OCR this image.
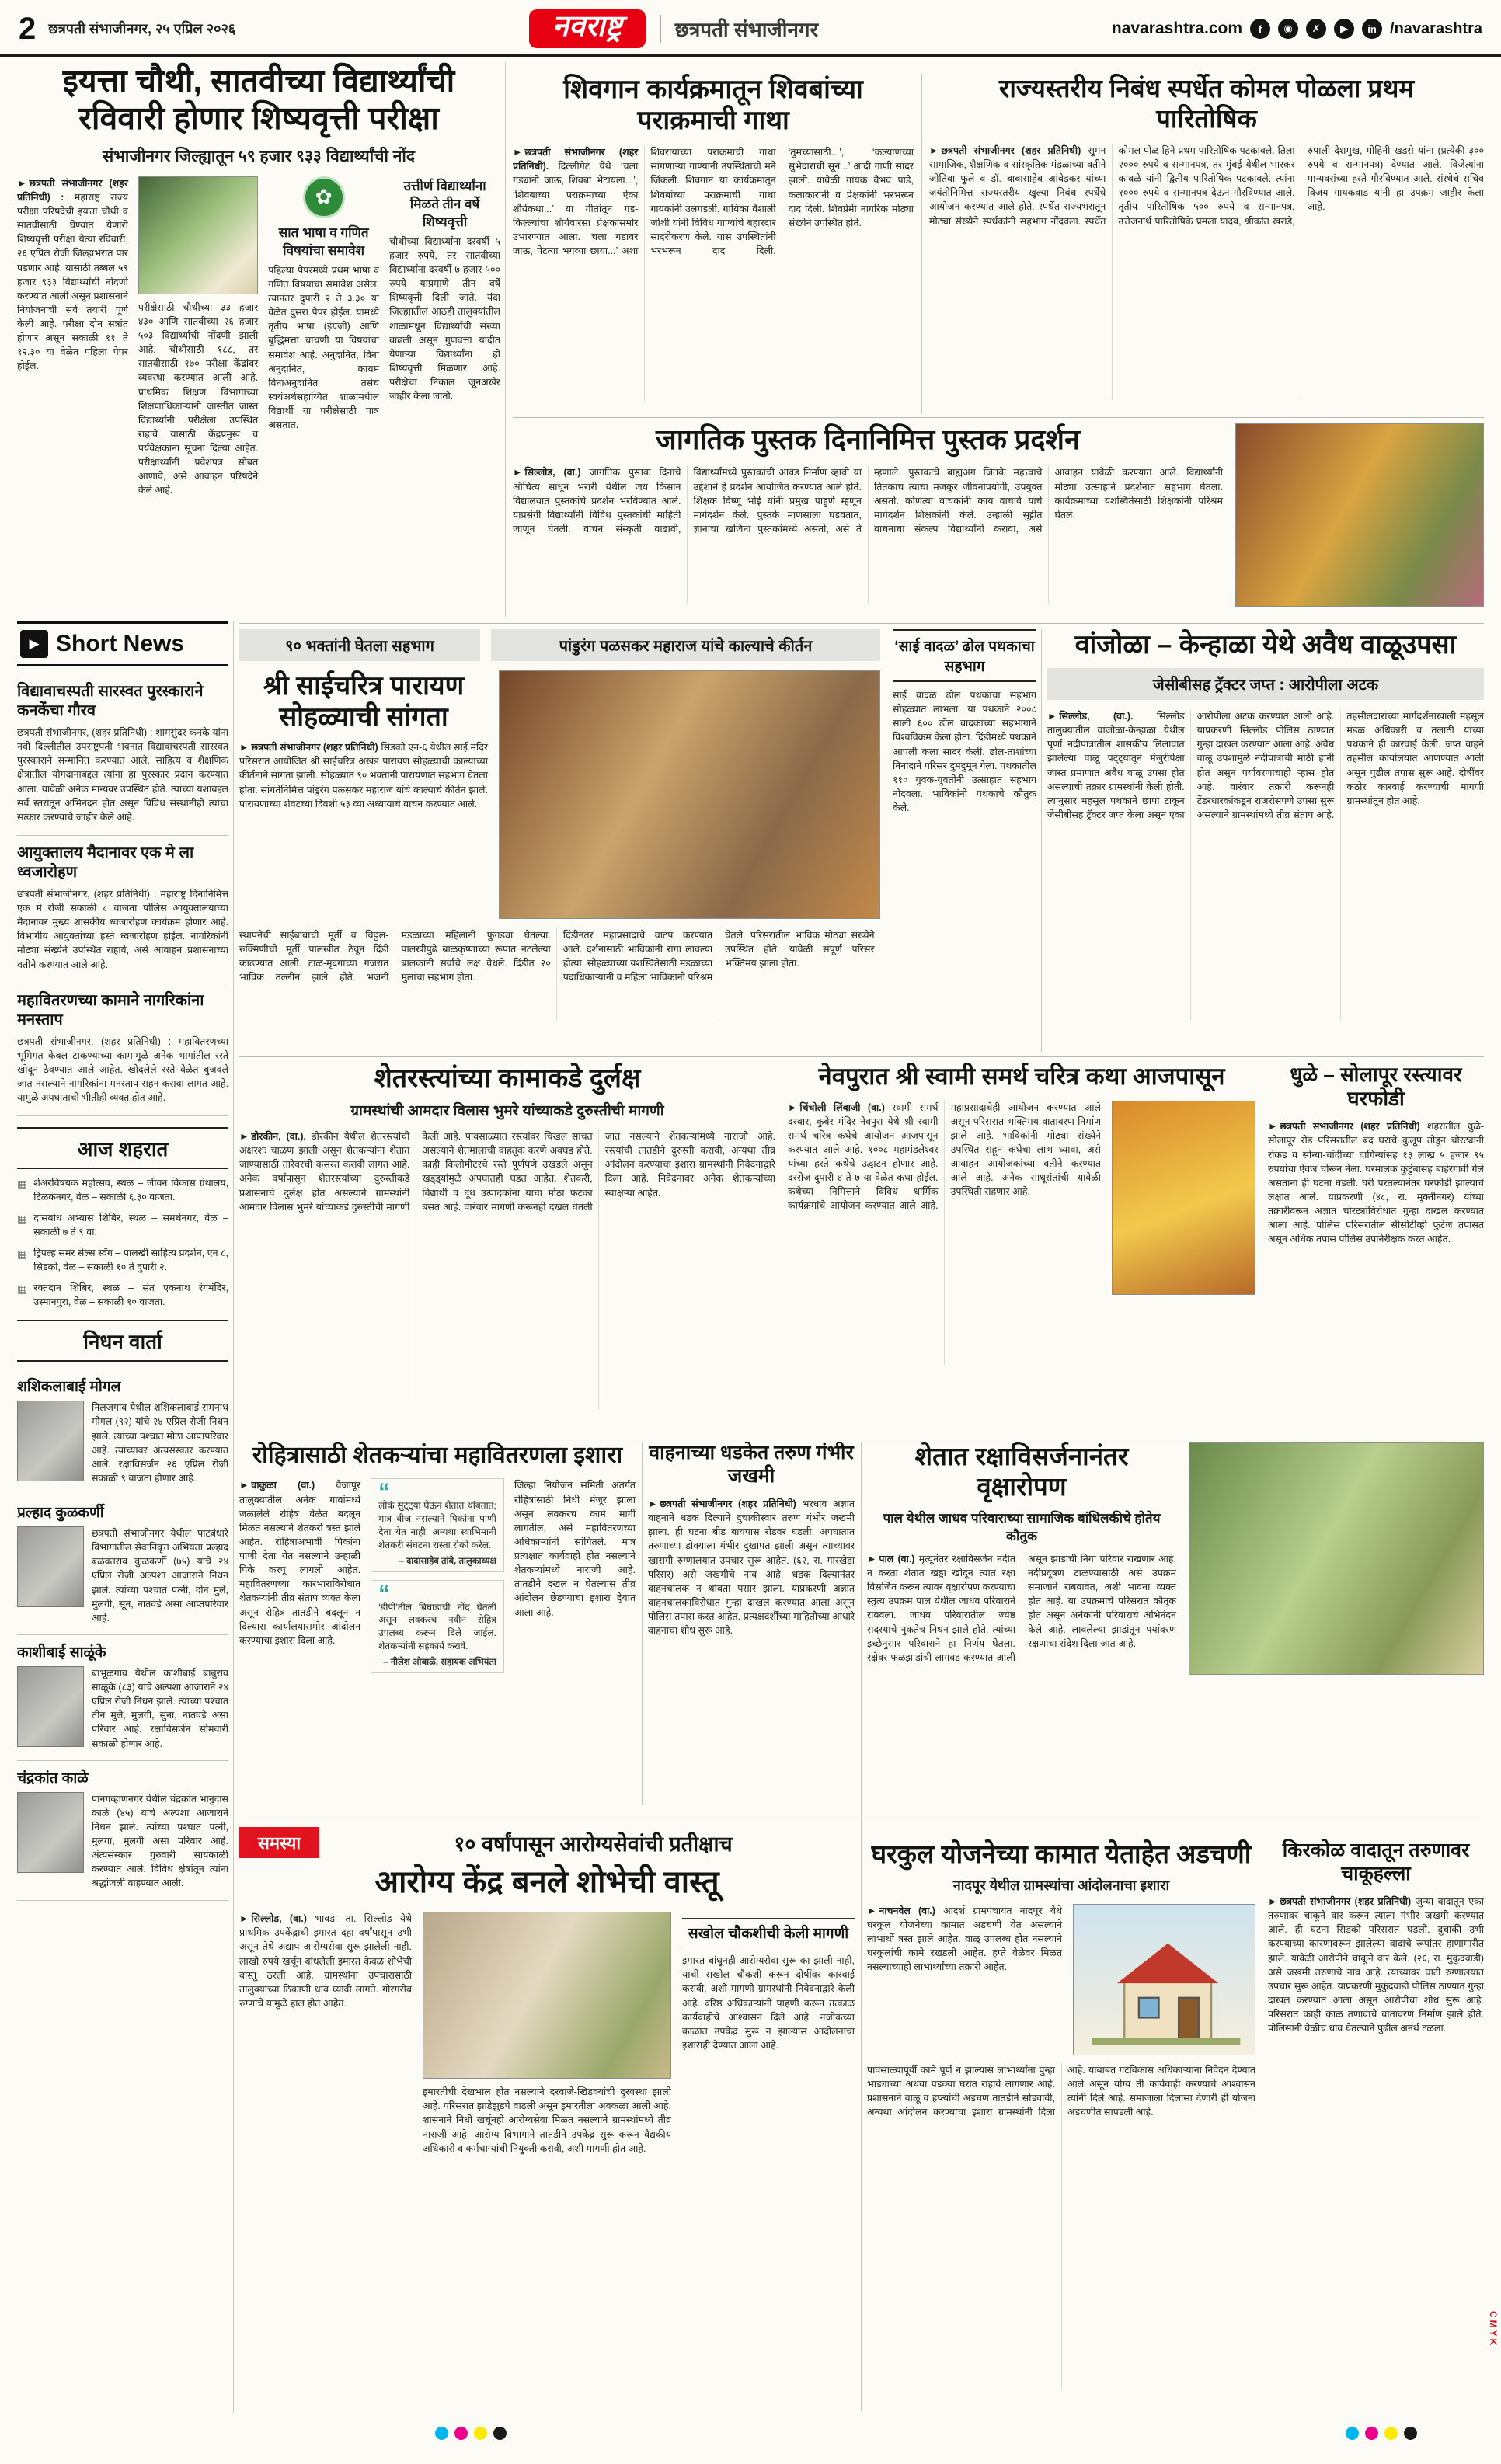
2 छत्रपती संभाजीनगर, २५ एप्रिल २०२६	नवराष्ट्र	छत्रपती संभाजीनगर	navarashtra.com	f	◉	✗	▶	in /navarashtra
इयत्ता चौथी, सातवीच्या विद्यार्थ्यांची रविवारी होणार शिष्यवृत्ती परीक्षा
संभाजीनगर जिल्ह्यातून ५९ हजार ९३३ विद्यार्थ्यांची नोंद
► छत्रपती संभाजीनगर (शहर प्रतिनिधी) : महाराष्ट्र राज्य परीक्षा परिषदेची इयत्ता चौथी व सातवीसाठी घेण्यात येणारी शिष्यवृत्ती परीक्षा येत्या रविवारी, २६ एप्रिल रोजी जिल्हाभरात पार पडणार आहे. यासाठी तब्बल ५९ हजार ९३३ विद्यार्थ्यांची नोंदणी करण्यात आली असून प्रशासनाने नियोजनाची सर्व तयारी पूर्ण केली आहे. परीक्षा दोन सत्रांत होणार असून सकाळी ११ ते १२.३० या वेळेत पहिला पेपर होईल.

परीक्षेसाठी चौथीच्या ३३ हजार ४३० आणि सातवीच्या २६ हजार ५०३ विद्यार्थ्यांची नोंदणी झाली आहे. चौथीसाठी १८८, तर सातवीसाठी १७० परीक्षा केंद्रांवर व्यवस्था करण्यात आली आहे. प्राथमिक शिक्षण विभागाच्या शिक्षणाधिकाऱ्यांनी जास्तीत जास्त विद्यार्थ्यांनी परीक्षेला उपस्थित राहावे यासाठी केंद्रप्रमुख व पर्यवेक्षकांना सूचना दिल्या आहेत. परीक्षार्थ्यांनी प्रवेशपत्र सोबत आणावे, असे आवाहन परिषदेने केले आहे.

✿
सात भाषा व गणित विषयांचा समावेश

पहिल्या पेपरमध्ये प्रथम भाषा व गणित विषयांचा समावेश असेल. त्यानंतर दुपारी २ ते ३.३० या वेळेत दुसरा पेपर होईल. यामध्ये तृतीय भाषा (इंग्रजी) आणि बुद्धिमत्ता चाचणी या विषयांचा समावेश आहे. अनुदानित, विना अनुदानित, कायम विनाअनुदानित तसेच स्वयंअर्थसहाय्यित शाळांमधील विद्यार्थी या परीक्षेसाठी पात्र असतात.

उत्तीर्ण विद्यार्थ्यांना मिळते तीन वर्षे शिष्यवृत्ती

चौथीच्या विद्यार्थ्यांना दरवर्षी ५ हजार रुपये, तर सातवीच्या विद्यार्थ्यांना दरवर्षी ७ हजार ५०० रुपये याप्रमाणे तीन वर्षे शिष्यवृत्ती दिली जाते. यंदा जिल्ह्यातील आठही तालुक्यांतील शाळांमधून विद्यार्थ्यांची संख्या वाढली असून गुणवत्ता यादीत येणाऱ्या विद्यार्थ्यांना ही शिष्यवृत्ती मिळणार आहे. परीक्षेचा निकाल जूनअखेर जाहीर केला जातो.

शिवगान कार्यक्रमातून शिवबांच्या पराक्रमाची गाथा
► छत्रपती संभाजीनगर (शहर प्रतिनिधी). दिल्लीगेट येथे ‘चला गड्यांनो जाऊ, शिवबा भेटायला...’, ‘शिवबाच्या पराक्रमाच्या ऐका शौर्यकथा...’ या गीतांतून गड-किल्ल्यांचा शौर्यवारसा प्रेक्षकांसमोर उभारण्यात आला. ‘चला गडावर जाऊ, पेटत्या भगव्या छाया...’ अशा शिवरायांच्या पराक्रमाची गाथा सांगणाऱ्या गाण्यांनी उपस्थितांची मने जिंकली. शिवगान या कार्यक्रमातून शिवबांच्या पराक्रमाची गाथा गायकांनी उलगडली. गायिका वैशाली जोशी यांनी विविध गाण्यांचे बहारदार सादरीकरण केले. यास उपस्थितांनी भरभरून दाद दिली. ‘तुमच्यासाठी...’, ‘कल्याणच्या सुभेदाराची सून...’ आदी गाणी सादर झाली. यावेळी गायक वैभव पांडे, कलाकारांनी व प्रेक्षकांनी भरभरून दाद दिली. शिवप्रेमी नागरिक मोठ्या संख्येने उपस्थित होते.
राज्यस्तरीय निबंध स्पर्धेत कोमल पोळला प्रथम पारितोषिक
► छत्रपती संभाजीनगर (शहर प्रतिनिधी) सुमन सामाजिक, शैक्षणिक व सांस्कृतिक मंडळाच्या वतीने जोतिबा फुले व डॉ. बाबासाहेब आंबेडकर यांच्या जयंतीनिमित्त राज्यस्तरीय खुल्या निबंध स्पर्धेचे आयोजन करण्यात आले होते. स्पर्धेत राज्यभरातून मोठ्या संख्येने स्पर्धकांनी सहभाग नोंदवला. स्पर्धेत कोमल पोळ हिने प्रथम पारितोषिक पटकावले. तिला २००० रुपये व सन्मानपत्र, तर मुंबई येथील भास्कर कांबळे यांनी द्वितीय पारितोषिक पटकावले. त्यांना १००० रुपये व सन्मानपत्र देऊन गौरविण्यात आले. तृतीय पारितोषिक ५०० रुपये व सन्मानपत्र, उत्तेजनार्थ पारितोषिके प्रमला यादव, श्रीकांत खराडे, रुपाली देशमुख, मोहिनी खडसे यांना (प्रत्येकी ३०० रुपये व सन्मानपत्र) देण्यात आले. विजेत्यांना मान्यवरांच्या हस्ते गौरविण्यात आले. संस्थेचे सचिव विजय गायकवाड यांनी हा उपक्रम जाहीर केला आहे.
जागतिक पुस्तक दिनानिमित्त पुस्तक प्रदर्शन
► सिल्लोड, (वा.) जागतिक पुस्तक दिनाचे औचित्य साधून भरारी येथील जय किसान विद्यालयात पुस्तकांचे प्रदर्शन भरविण्यात आले. याप्रसंगी विद्यार्थ्यांनी विविध पुस्तकांची माहिती जाणून घेतली. वाचन संस्कृती वाढावी, विद्यार्थ्यांमध्ये पुस्तकांची आवड निर्माण व्हावी या उद्देशाने हे प्रदर्शन आयोजित करण्यात आले होते. शिक्षक विष्णू भोई यांनी प्रमुख पाहुणे म्हणून मार्गदर्शन केले. पुस्तके माणसाला घडवतात, ज्ञानाचा खजिना पुस्तकांमध्ये असतो, असे ते म्हणाले. पुस्तकाचे बाह्यअंग जितके महत्त्वाचे तितकाच त्याचा मजकूर जीवनोपयोगी, उपयुक्त असतो. कोणत्या वाचकांनी काय वाचावे याचे मार्गदर्शन शिक्षकांनी केले. उन्हाळी सुट्टीत वाचनाचा संकल्प विद्यार्थ्यांनी करावा, असे आवाहन यावेळी करण्यात आले. विद्यार्थ्यांनी मोठ्या उत्साहाने प्रदर्शनात सहभाग घेतला. कार्यक्रमाच्या यशस्वितेसाठी शिक्षकांनी परिश्रम घेतले.
९० भक्तांनी घेतला सहभाग	पांडुरंग पळसकर महाराज यांचे काल्याचे कीर्तन
श्री साईचरित्र पारायण सोहळ्याची सांगता

► छत्रपती संभाजीनगर (शहर प्रतिनिधी) सिडको एन-६ येथील साई मंदिर परिसरात आयोजित श्री साईचरित्र अखंड पारायण सोहळ्याची काल्याच्या कीर्तनाने सांगता झाली. सोहळ्यात ९० भक्तांनी पारायणात सहभाग घेतला होता. सांगतेनिमित्त पांडुरंग पळसकर महाराज यांचे काल्याचे कीर्तन झाले. पारायणाच्या शेवटच्या दिवशी ५३ व्या अध्यायाचे वाचन करण्यात आले.

‘साई वादळ’ ढोल पथकाचा सहभाग

साई वादळ ढोल पथकाचा सहभाग सोहळ्यात लाभला. या पथकाने २००८ साली ६०० ढोल वादकांच्या सहभागाने विश्वविक्रम केला होता. दिंडीमध्ये पथकाने आपली कला सादर केली. ढोल-ताशांच्या निनादाने परिसर दुमदुमून गेला. पथकातील ११० युवक-युवतींनी उत्साहात सहभाग नोंदवला. भाविकांनी पथकाचे कौतुक केले.

स्थापनेची साईबाबांची मूर्ती व विठ्ठल-रुक्मिणीची मूर्ती पालखीत ठेवून दिंडी काढण्यात आली. टाळ-मृदंगाच्या गजरात भाविक तल्लीन झाले होते. भजनी मंडळाच्या महिलांनी फुगड्या घेतल्या. पालखीपुढे बाळकृष्णाच्या रूपात नटलेल्या बालकांनी सर्वांचे लक्ष वेधले. दिंडीत २० मुलांचा सहभाग होता.

दिंडीनंतर महाप्रसादाचे वाटप करण्यात आले. दर्शनासाठी भाविकांनी रांगा लावल्या होत्या. सोहळ्याच्या यशस्वितेसाठी मंडळाच्या पदाधिकाऱ्यांनी व महिला भाविकांनी परिश्रम घेतले. परिसरातील भाविक मोठ्या संख्येने उपस्थित होते. यावेळी संपूर्ण परिसर भक्तिमय झाला होता.

वांजोळा – केन्हाळा येथे अवैध वाळूउपसा
जेसीबीसह ट्रॅक्टर जप्त : आरोपीला अटक
► सिल्लोड, (वा.). सिल्लोड तालुक्यातील वांजोळा-केन्हाळा येथील पूर्णा नदीपात्रातील शासकीय लिलावात झालेल्या वाळू पट्ट्यातून मंजुरीपेक्षा जास्त प्रमाणात अवैध वाळू उपसा होत असल्याची तक्रार ग्रामस्थांनी केली होती. त्यानुसार महसूल पथकाने छापा टाकून जेसीबीसह ट्रॅक्टर जप्त केला असून एका आरोपीला अटक करण्यात आली आहे. याप्रकरणी सिल्लोड पोलिस ठाण्यात गुन्हा दाखल करण्यात आला आहे. अवैध वाळू उपशामुळे नदीपात्राची मोठी हानी होत असून पर्यावरणाचाही ऱ्हास होत आहे. वारंवार तक्रारी करूनही टेंडरधारकांकडून राजरोसपणे उपसा सुरू असल्याने ग्रामस्थांमध्ये तीव्र संताप आहे. तहसीलदारांच्या मार्गदर्शनाखाली महसूल मंडळ अधिकारी व तलाठी यांच्या पथकाने ही कारवाई केली. जप्त वाहने तहसील कार्यालयात आणण्यात आली असून पुढील तपास सुरू आहे. दोषींवर कठोर कारवाई करण्याची मागणी ग्रामस्थांतून होत आहे.
शेतरस्त्यांच्या कामाकडे दुर्लक्ष
ग्रामस्थांची आमदार विलास भुमरे यांच्याकडे दुरुस्तीची मागणी
► डोरकीन, (वा.). डोरकीन येथील शेतरस्त्यांची अक्षरशः चाळण झाली असून शेतकऱ्यांना शेतात जाण्यासाठी तारेवरची कसरत करावी लागत आहे. अनेक वर्षांपासून शेतरस्त्यांच्या दुरुस्तीकडे प्रशासनाचे दुर्लक्ष होत असल्याने ग्रामस्थांनी आमदार विलास भुमरे यांच्याकडे दुरुस्तीची मागणी केली आहे. पावसाळ्यात रस्त्यांवर चिखल साचत असल्याने शेतमालाची वाहतूक करणे अवघड होते. काही किलोमीटरचे रस्ते पूर्णपणे उखडले असून खड्ड्यांमुळे अपघातही घडत आहेत. शेतकरी, विद्यार्थी व दूध उत्पादकांना याचा मोठा फटका बसत आहे. वारंवार मागणी करूनही दखल घेतली जात नसल्याने शेतकऱ्यांमध्ये नाराजी आहे. रस्त्यांची तातडीने दुरुस्ती करावी, अन्यथा तीव्र आंदोलन करण्याचा इशारा ग्रामस्थांनी निवेदनाद्वारे दिला आहे. निवेदनावर अनेक शेतकऱ्यांच्या स्वाक्षऱ्या आहेत.
नेवपुरात श्री स्वामी समर्थ चरित्र कथा आजपासून
► चिंचोली लिंबाजी (वा.) स्वामी समर्थ दरबार, कुबेर मंदिर नेवपुरा येथे श्री स्वामी समर्थ चरित्र कथेचे आयोजन आजपासून करण्यात आले आहे. १००८ महामंडलेश्वर यांच्या हस्ते कथेचे उद्घाटन होणार आहे. दररोज दुपारी ४ ते ७ या वेळेत कथा होईल. कथेच्या निमित्ताने विविध धार्मिक कार्यक्रमांचे आयोजन करण्यात आले आहे. महाप्रसादाचेही आयोजन करण्यात आले असून परिसरात भक्तिमय वातावरण निर्माण झाले आहे. भाविकांनी मोठ्या संख्येने उपस्थित राहून कथेचा लाभ घ्यावा, असे आवाहन आयोजकांच्या वतीने करण्यात आले आहे. अनेक साधूसंतांची यावेळी उपस्थिती राहणार आहे.
धुळे – सोलापूर रस्त्यावर घरफोडी

► छत्रपती संभाजीनगर (शहर प्रतिनिधी) शहरातील धुळे-सोलापूर रोड परिसरातील बंद घराचे कुलूप तोडून चोरट्यांनी रोकड व सोन्या-चांदीच्या दागिन्यांसह १३ लाख ५ हजार ९५ रुपयांचा ऐवज चोरून नेला. घरमालक कुटुंबासह बाहेरगावी गेले असताना ही घटना घडली. घरी परतल्यानंतर घरफोडी झाल्याचे लक्षात आले. याप्रकरणी (४८, रा. मुक्तीनगर) यांच्या तक्रारीवरून अज्ञात चोरट्यांविरोधात गुन्हा दाखल करण्यात आला आहे. पोलिस परिसरातील सीसीटीव्ही फुटेज तपासत असून अधिक तपास पोलिस उपनिरीक्षक करत आहेत.

रोहित्रासाठी शेतकऱ्यांचा महावितरणला इशारा
► वाकुळा (वा.) वैजापूर तालुक्यातील अनेक गावांमध्ये जळालेले रोहित्र वेळेत बदलून मिळत नसल्याने शेतकरी त्रस्त झाले आहेत. रोहित्राअभावी पिकांना पाणी देता येत नसल्याने उन्हाळी पिके करपू लागली आहेत. महावितरणच्या कारभाराविरोधात शेतकऱ्यांनी तीव्र संताप व्यक्त केला असून रोहित्र तातडीने बदलून न दिल्यास कार्यालयासमोर आंदोलन करण्याचा इशारा दिला आहे.
“

लोकं सुट्ट्या घेऊन शेतात थांबतात; मात्र वीज नसल्याने पिकांना पाणी देता येत नाही. अन्यथा स्वाभिमानी शेतकरी संघटना रास्ता रोको करेल.

– दादासाहेब तांबे, तालुकाध्यक्ष
“

‘डीपी’तील बिघाडाची नोंद घेतली असून लवकरच नवीन रोहित्र उपलब्ध करून दिले जाईल. शेतकऱ्यांनी सहकार्य करावे.

– नीलेश ओबाळे, सहायक अभियंता
जिल्हा नियोजन समिती अंतर्गत रोहित्रांसाठी निधी मंजूर झाला असून लवकरच कामे मार्गी लागतील, असे महावितरणच्या अधिकाऱ्यांनी सांगितले. मात्र प्रत्यक्षात कार्यवाही होत नसल्याने शेतकऱ्यांमध्ये नाराजी आहे. तातडीने दखल न घेतल्यास तीव्र आंदोलन छेडण्याचा इशारा दे्यात आला आहे.
वाहनाच्या धडकेत तरुण गंभीर जखमी

► छत्रपती संभाजीनगर (शहर प्रतिनिधी) भरधाव अज्ञात वाहनाने धडक दिल्याने दुचाकीस्वार तरुण गंभीर जखमी झाला. ही घटना बीड बायपास रोडवर घडली. अपघातात तरुणाच्या डोक्याला गंभीर दुखापत झाली असून त्याच्यावर खासगी रुग्णालयात उपचार सुरू आहेत. (६२, रा. गारखेडा परिसर) असे जखमीचे नाव आहे. धडक दिल्यानंतर वाहनचालक न थांबता पसार झाला. याप्रकरणी अज्ञात वाहनचालकाविरोधात गुन्हा दाखल करण्यात आला असून पोलिस तपास करत आहेत. प्रत्यक्षदर्शींच्या माहितीच्या आधारे वाहनाचा शोध सुरू आहे.

शेतात रक्षाविसर्जनानंतर वृक्षारोपण
पाल येथील जाधव परिवाराच्या सामाजिक बांधिलकीचे होतेय कौतुक
► पाल (वा.) मृत्यूनंतर रक्षाविसर्जन नदीत न करता शेतात खड्डा खोदून त्यात रक्षा विसर्जित करून त्यावर वृक्षारोपण करण्याचा स्तुत्य उपक्रम पाल येथील जाधव परिवाराने राबवला. जाधव परिवारातील ज्येष्ठ सदस्याचे नुकतेच निधन झाले होते. त्यांच्या इच्छेनुसार परिवाराने हा निर्णय घेतला. रक्षेवर फळझाडांची लागवड करण्यात आली असून झाडांची निगा परिवार राखणार आहे. नदीप्रदूषण टाळण्यासाठी असे उपक्रम समाजाने राबवावेत, अशी भावना व्यक्त होत आहे. या उपक्रमाचे परिसरात कौतुक होत असून अनेकांनी परिवाराचे अभिनंदन केले आहे. लावलेल्या झाडांतून पर्यावरण रक्षणाचा संदेश दिला जात आहे.
समस्या	१० वर्षांपासून आरोग्यसेवांची प्रतीक्षाच
आरोग्य केंद्र बनले शोभेची वास्तू
► सिल्लोड, (वा.) भावडा ता. सिल्लोड येथे प्राथमिक उपकेंद्राची इमारत दहा वर्षांपासून उभी असून तेथे अद्याप आरोग्यसेवा सुरू झालेली नाही. लाखो रुपये खर्चून बांधलेली इमारत केवळ शोभेची वास्तू ठरली आहे. ग्रामस्थांना उपचारासाठी तालुक्याच्या ठिकाणी धाव घ्यावी लागते. गोरगरीब रुग्णांचे यामुळे हाल होत आहेत.

इमारतीची देखभाल होत नसल्याने दरवाजे-खिडक्यांची दुरवस्था झाली आहे. परिसरात झाडेझुडपे वाढली असून इमारतीला अवकळा आली आहे. शासनाने निधी खर्चूनही आरोग्यसेवा मिळत नसल्याने ग्रामस्थांमध्ये तीव्र नाराजी आहे. आरोग्य विभागाने तातडीने उपकेंद्र सुरू करून वैद्यकीय अधिकारी व कर्मचाऱ्यांची नियुक्ती करावी, अशी मागणी होत आहे.

सखोल चौकशीची केली मागणी

इमारत बांधूनही आरोग्यसेवा सुरू का झाली नाही, याची सखोल चौकशी करून दोषींवर कारवाई करावी, अशी मागणी ग्रामस्थांनी निवेदनाद्वारे केली आहे. वरिष्ठ अधिकाऱ्यांनी पाहणी करून तत्काळ कार्यवाहीचे आश्वासन दिले आहे. नजीकच्या काळात उपकेंद्र सुरू न झाल्यास आंदोलनाचा इशाराही देण्यात आला आहे.

घरकुल योजनेच्या कामात येताहेत अडचणी
नादपूर येथील ग्रामस्थांचा आंदोलनाचा इशारा
► नाचनवेल (वा.) आदर्श ग्रामपंचायत नादपूर येथे घरकुल योजनेच्या कामात अडचणी येत असल्याने लाभार्थी त्रस्त झाले आहेत. वाळू उपलब्ध होत नसल्याने घरकुलांची कामे रखडली आहेत. हप्ते वेळेवर मिळत नसल्याच्याही लाभार्थ्यांच्या तक्रारी आहेत.
पावसाळ्यापूर्वी कामे पूर्ण न झाल्यास लाभार्थ्यांना पुन्हा भाड्याच्या अथवा पडक्या घरात राहावे लागणार आहे. प्रशासनाने वाळू व हप्त्यांची अडचण तातडीने सोडवावी, अन्यथा आंदोलन करण्याचा इशारा ग्रामस्थांनी दिला आहे. याबाबत गटविकास अधिकाऱ्यांना निवेदन देण्यात आले असून योग्य ती कार्यवाही करण्याचे आश्वासन त्यांनी दिले आहे. समाजाला दिलासा देणारी ही योजना अडचणीत सापडली आहे.
किरकोळ वादातून तरुणावर चाकूहल्ला

► छत्रपती संभाजीनगर (शहर प्रतिनिधी) जुन्या वादातून एका तरुणावर चाकूने वार करून त्याला गंभीर जखमी करण्यात आले. ही घटना सिडको परिसरात घडली. दुचाकी उभी करण्याच्या कारणावरून झालेल्या वादाचे रूपांतर हाणामारीत झाले. यावेळी आरोपीने चाकूने वार केले. (२६, रा. मुकुंदवाडी) असे जखमी तरुणाचे नाव आहे. त्याच्यावर घाटी रुग्णालयात उपचार सुरू आहेत. याप्रकरणी मुकुंदवाडी पोलिस ठाण्यात गुन्हा दाखल करण्यात आला असून आरोपीचा शोध सुरू आहे. परिसरात काही काळ तणावाचे वातावरण निर्माण झाले होते. पोलिसांनी वेळीच धाव घेतल्याने पुढील अनर्थ टळला.

▶ Short News
विद्यावाचस्पती सारस्वत पुरस्काराने कनकेंचा गौरव

छत्रपती संभाजीनगर, (शहर प्रतिनिधी) : शामसुंदर कनके यांना नवी दिल्लीतील उपराष्ट्रपती भवनात विद्यावाचस्पती सारस्वत पुरस्काराने सन्मानित करण्यात आले. साहित्य व शैक्षणिक क्षेत्रातील योगदानाबद्दल त्यांना हा पुरस्कार प्रदान करण्यात आला. यावेळी अनेक मान्यवर उपस्थित होते. त्यांच्या यशाबद्दल सर्व स्तरांतून अभिनंदन होत असून विविध संस्थांनीही त्यांचा सत्कार करण्याचे जाहीर केले आहे.

आयुक्तालय मैदानावर एक मे ला ध्वजारोहण

छत्रपती संभाजीनगर, (शहर प्रतिनिधी) : महाराष्ट्र दिनानिमित्त एक मे रोजी सकाळी ८ वाजता पोलिस आयुक्तालयाच्या मैदानावर मुख्य शासकीय ध्वजारोहण कार्यक्रम होणार आहे. विभागीय आयुक्तांच्या हस्ते ध्वजारोहण होईल. नागरिकांनी मोठ्या संख्येने उपस्थित राहावे, असे आवाहन प्रशासनाच्या वतीने करण्यात आले आहे.

महावितरणच्या कामाने नागरिकांना मनस्ताप

छत्रपती संभाजीनगर, (शहर प्रतिनिधी) : महावितरणच्या भूमिगत केबल टाकण्याच्या कामामुळे अनेक भागांतील रस्ते खोदून ठेवण्यात आले आहेत. खोदलेले रस्ते वेळेत बुजवले जात नसल्याने नागरिकांना मनस्ताप सहन करावा लागत आहे. यामुळे अपघाताची भीतीही व्यक्त होत आहे.

आज शहरात
▦ शेअरविषयक महोत्सव, स्थळ – जीवन विकास ग्रंथालय, टिळकनगर, वेळ – सकाळी ६.३० वाजता.
▦ दासबोध अभ्यास शिबिर, स्थळ – समर्थनगर, वेळ – सकाळी ७ ते ९ वा.
▦ ट्रिपल्ह समर सेल्स स्वॅग – पालखी साहित्य प्रदर्शन, एन ८, सिडको, वेळ – सकाळी १० ते दुपारी २.
▦ रक्तदान शिबिर, स्थळ – संत एकनाथ रंगमंदिर, उस्मानपुरा, वेळ – सकाळी १० वाजता.
निधन वार्ता
शशिकलाबाई मोगल

निलजगाव येथील शशिकलाबाई रामनाथ मोगल (९२) यांचे २४ एप्रिल रोजी निधन झाले. त्यांच्या पश्चात मोठा आप्तपरिवार आहे. त्यांच्यावर अंत्यसंस्कार करण्यात आले. रक्षाविसर्जन २६ एप्रिल रोजी सकाळी ९ वाजता होणार आहे.

प्रल्हाद कुळकर्णी

छत्रपती संभाजीनगर येथील पाटबंधारे विभागातील सेवानिवृत्त अभियंता प्रल्हाद बळवंतराव कुळकर्णी (७५) यांचे २४ एप्रिल रोजी अल्पशा आजाराने निधन झाले. त्यांच्या पश्चात पत्नी, दोन मुले, मुलगी, सून, नातवंडे असा आप्तपरिवार आहे.

काशीबाई साळूंके

बाभूळगाव येथील काशीबाई बाबुराव साळूंके (८३) यांचे अल्पशा आजाराने २४ एप्रिल रोजी निधन झाले. त्यांच्या पश्चात तीन मुले, मुलगी, सुना, नातवंडे असा परिवार आहे. रक्षाविसर्जन सोमवारी सकाळी होणार आहे.

चंद्रकांत काळे

पानगव्हाणनगर येथील चंद्रकांत भानुदास काळे (४५) यांचे अल्पशा आजाराने निधन झाले. त्यांच्या पश्चात पत्नी, मुलगा, मुलगी असा परिवार आहे. अंत्यसंस्कार गुरुवारी सायंकाळी करण्यात आले. विविध क्षेत्रांतून त्यांना श्रद्धांजली वाहण्यात आली.

CMYK
